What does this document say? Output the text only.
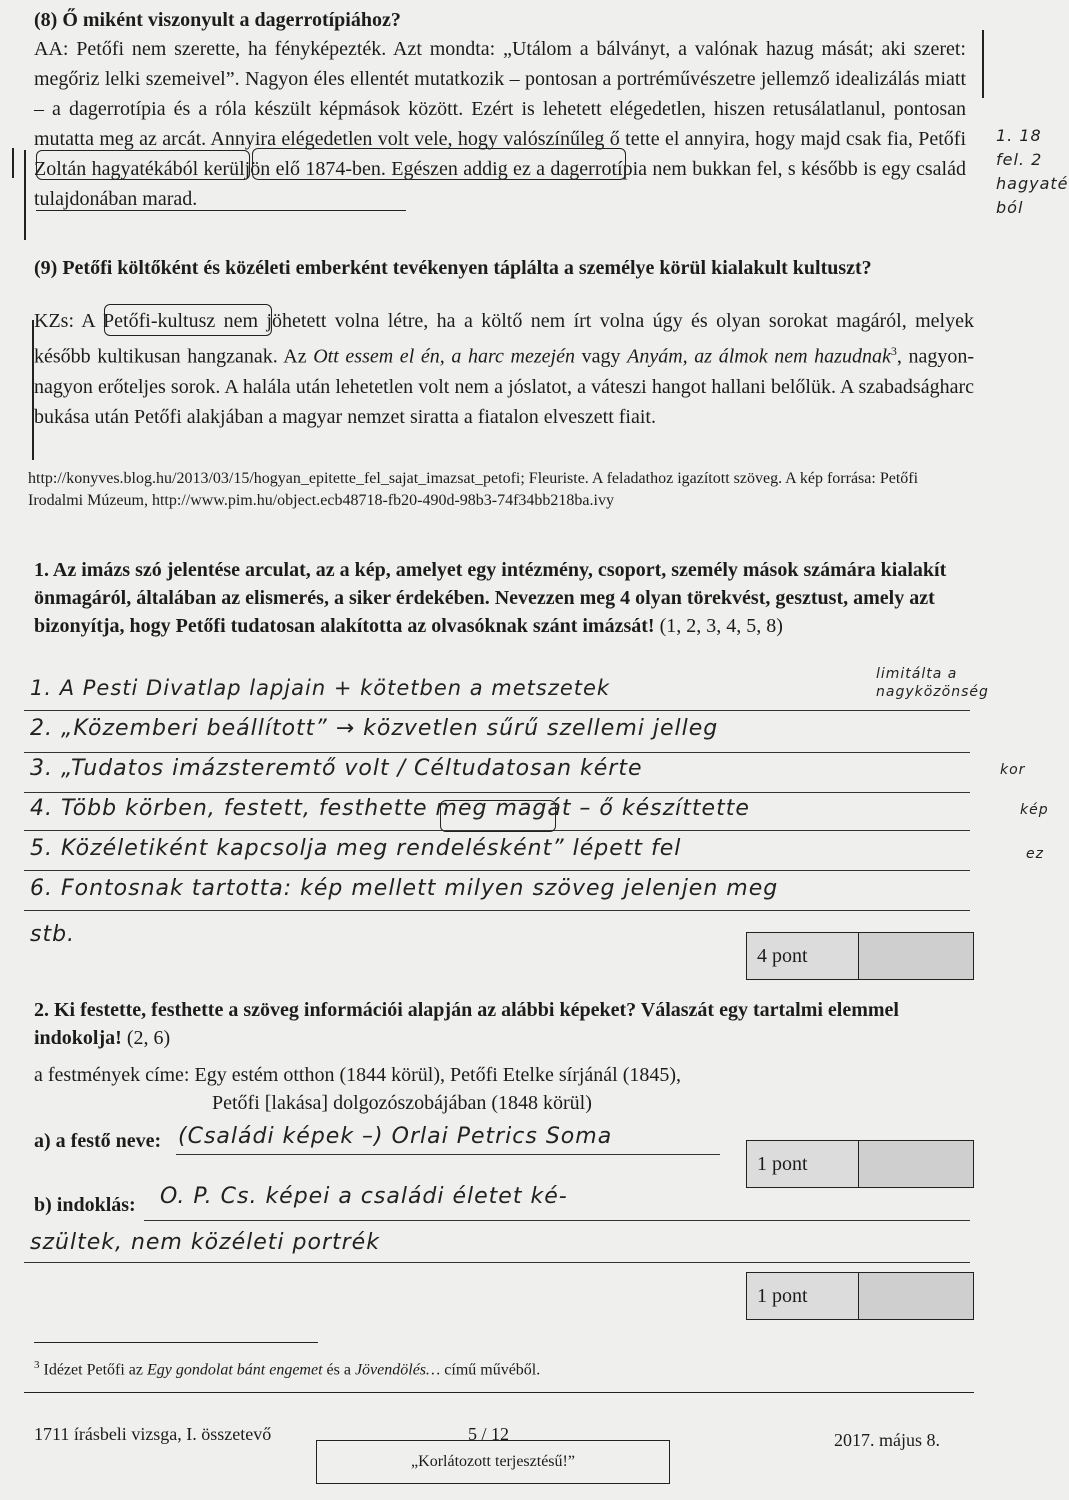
(8) Ő miként viszonyult a dagerrotípiához?

AA: Petőfi nem szerette, ha fényképezték. Azt mondta: „Utálom a bálványt, a valónak hazug mását; aki szeret: megőriz lelki szemeivel”. Nagyon éles ellentét mutatkozik – pontosan a portréművészetre jellemző idealizálás miatt – a dagerrotípia és a róla készült képmások között. Ezért is lehetett elégedetlen, hiszen retusálatlanul, pontosan mutatta meg az arcát. Annyira elégedetlen volt vele, hogy valószínűleg ő tette el annyira, hogy majd csak fia, Petőfi Zoltán hagyatékából kerüljön elő 1874-ben. Egészen addig ez a dagerrotípia nem bukkan fel, s később is egy család tulajdonában marad.

1. 18
fel. 2
hagyaté
ból

(9) Petőfi költőként és közéleti emberként tevékenyen táplálta a személye körül kialakult kultuszt?

KZs: A Petőfi-kultusz nem jöhetett volna létre, ha a költő nem írt volna úgy és olyan sorokat magáról, melyek később kultikusan hangzanak. Az Ott essem el én, a harc mezején vagy Anyám, az álmok nem hazudnak$^3$, nagyon-nagyon erőteljes sorok. A halála után lehetetlen volt nem a jóslatot, a váteszi hangot hallani belőlük. A szabadságharc bukása után Petőfi alakjában a magyar nemzet siratta a fiatalon elveszett fiait.

http://konyves.blog.hu/2013/03/15/hogyan_epitette_fel_sajat_imazsat_petofi; Fleuriste. A feladathoz igazított szöveg. A kép forrása: Petőfi Irodalmi Múzeum, http://www.pim.hu/object.ecb48718-fb20-490d-98b3-74f34bb218ba.ivy

1. Az imázs szó jelentése arculat, az a kép, amelyet egy intézmény, csoport, személy mások számára kialakít önmagáról, általában az elismerés, a siker érdekében. Nevezzen meg 4 olyan törekvést, gesztust, amely azt bizonyítja, hogy Petőfi tudatosan alakította az olvasóknak szánt imázsát! (1, 2, 3, 4, 5, 8)

1. A Pesti Divatlap lapjain + kötetben a metszetek
2. „Közemberi beállított” → közvetlen sűrű szellemi jelleg
3. „Tudatos imázsteremtő volt / Céltudatosan kérte
4. Több körben, festett, festhette meg magát – ő készíttette
5. Közéletiként kapcsolja meg rendelésként” lépett fel
6. Fontosnak tartotta: kép mellett milyen szöveg jelenjen meg
stb.
limitálta a
nagyközönség
kor
kép
ez
4 pont

2. Ki festette, festhette a szöveg információi alapján az alábbi képeket? Válaszát egy tartalmi elemmel indokolja! (2, 6)

a festmények címe: Egy estém otthon (1844 körül), Petőfi Etelke sírjánál (1845),
Petőfi [lakása] dolgozószobájában (1848 körül)
a) a festő neve: (Családi képek –) Orlai Petrics Soma
1 pont
b) indoklás:	O. P. Cs. képei a családi életet ké-
szültek, nem közéleti portrék
1 pont
$^3$ Idézet Petőfi az Egy gondolat bánt engemet és a Jövendölés… című művéből.
1711 írásbeli vizsga, I. összetevő	5 / 12	2017. május 8.
„Korlátozott terjesztésű!”
